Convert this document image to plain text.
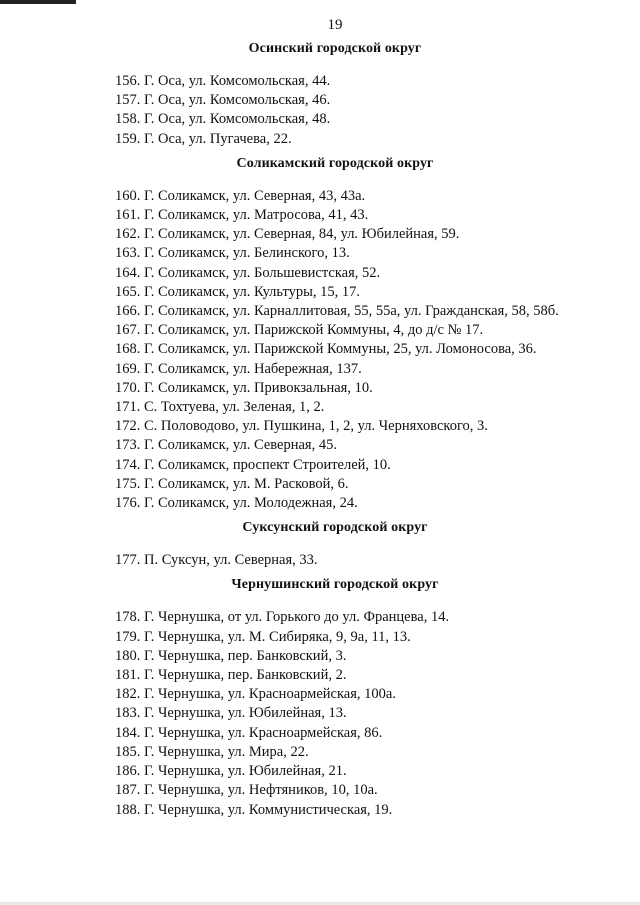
19
Осинский городской округ
156. Г. Оса, ул. Комсомольская, 44.
157. Г. Оса, ул. Комсомольская, 46.
158. Г. Оса, ул. Комсомольская, 48.
159. Г. Оса, ул. Пугачева, 22.
Соликамский городской округ
160. Г. Соликамск, ул. Северная, 43, 43а.
161. Г. Соликамск, ул. Матросова, 41, 43.
162. Г. Соликамск, ул. Северная, 84, ул. Юбилейная, 59.
163. Г. Соликамск, ул. Белинского, 13.
164. Г. Соликамск, ул. Большевистская, 52.
165. Г. Соликамск, ул. Культуры, 15, 17.
166. Г. Соликамск, ул. Карналлитовая, 55, 55а, ул. Гражданская, 58, 58б.
167. Г. Соликамск, ул. Парижской Коммуны, 4, до д/с № 17.
168. Г. Соликамск, ул. Парижской Коммуны, 25, ул. Ломоносова, 36.
169. Г. Соликамск, ул. Набережная, 137.
170. Г. Соликамск, ул. Привокзальная, 10.
171. С. Тохтуева, ул. Зеленая, 1, 2.
172. С. Половодово, ул. Пушкина, 1, 2, ул. Черняховского, 3.
173. Г. Соликамск, ул. Северная, 45.
174. Г. Соликамск, проспект Строителей, 10.
175. Г. Соликамск, ул. М. Расковой, 6.
176. Г. Соликамск, ул. Молодежная, 24.
Суксунский городской округ
177. П. Суксун, ул. Северная, 33.
Чернушинский городской округ
178. Г. Чернушка, от ул. Горького до ул. Францева, 14.
179. Г. Чернушка, ул. М. Сибиряка, 9, 9а, 11, 13.
180. Г. Чернушка, пер. Банковский, 3.
181. Г. Чернушка, пер. Банковский, 2.
182. Г. Чернушка, ул. Красноармейская, 100а.
183. Г. Чернушка, ул. Юбилейная, 13.
184. Г. Чернушка, ул. Красноармейская, 86.
185. Г. Чернушка, ул. Мира, 22.
186. Г. Чернушка, ул. Юбилейная, 21.
187. Г. Чернушка, ул. Нефтяников, 10, 10а.
188. Г. Чернушка, ул. Коммунистическая, 19.
